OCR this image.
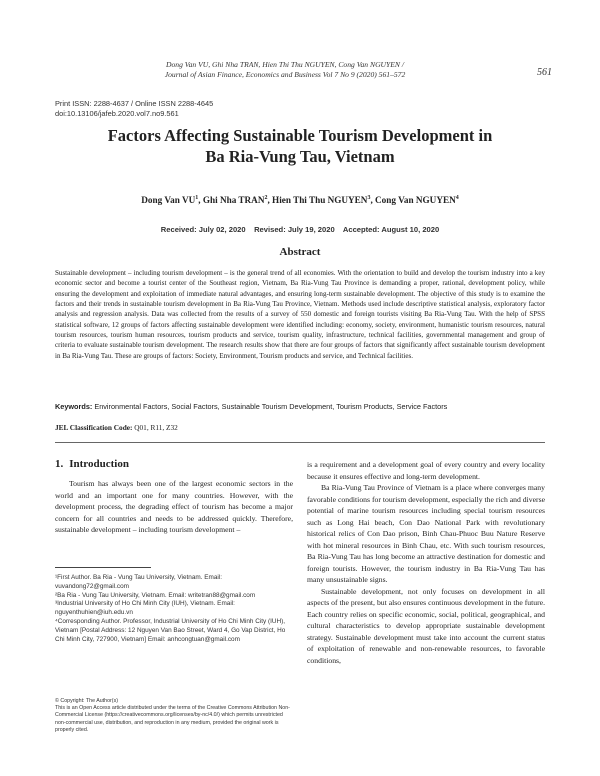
Dong Van VU, Ghi Nha TRAN, Hien Thi Thu NGUYEN, Cong Van NGUYEN /
Journal of Asian Finance, Economics and Business Vol 7 No 9 (2020) 561–572	561
Print ISSN: 2288-4637 / Online ISSN 2288-4645
doi:10.13106/jafeb.2020.vol7.no9.561
Factors Affecting Sustainable Tourism Development in
Ba Ria-Vung Tau, Vietnam
Dong Van $VU^1$, Ghi Nha TRAN$^2$, Hien Thi Thu NGUYEN$^3$, Cong Van NGUYEN$^4$
Received: July 02, 2020    Revised: July 19, 2020    Accepted: August 10, 2020
Abstract
Sustainable development – including tourism development – is the general trend of all economies. With the orientation to build and develop the tourism industry into a key economic sector and become a tourist center of the Southeast region, Vietnam, Ba Ria-Vung Tau Province is demanding a proper, rational, development policy, while ensuring the development and exploitation of immediate natural advantages, and ensuring long-term sustainable development. The objective of this study is to examine the factors and their trends in sustainable tourism development in Ba Ria-Vung Tau Province, Vietnam. Methods used include descriptive statistical analysis, exploratory factor analysis and regression analysis. Data was collected from the results of a survey of 550 domestic and foreign tourists visiting Ba Ria-Vung Tau. With the help of SPSS statistical software, 12 groups of factors affecting sustainable development were identified including: economy, society, environment, humanistic tourism resources, natural tourism resources, tourism human resources, tourism products and service, tourism quality, infrastructure, technical facilities, governmental management and group of criteria to evaluate sustainable tourism development. The research results show that there are four groups of factors that significantly affect sustainable tourism development in Ba Ria-Vung Tau. These are groups of factors: Society, Environment, Tourism products and service, and Technical facilities.
Keywords: Environmental Factors, Social Factors, Sustainable Tourism Development, Tourism Products, Service Factors
JEL Classification Code: Q01, R11, Z32
1. Introduction

Tourism has always been one of the largest economic sectors in the world and an important one for many countries. However, with the development process, the degrading effect of tourism has become a major concern for all countries and needs to be addressed quickly. Therefore, sustainable development – including tourism development –

¹First Author. Ba Ria - Vung Tau University, Vietnam. Email: vuvandong72@gmail.com
²Ba Ria - Vung Tau University, Vietnam. Email: writetran88@gmail.com
³Industrial University of Ho Chi Minh City (IUH), Vietnam. Email: nguyenthuhien@iuh.edu.vn
⁴Corresponding Author. Professor, Industrial University of Ho Chi Minh City (IUH), Vietnam [Postal Address: 12 Nguyen Van Bao Street, Ward 4, Go Vap District, Ho Chi Minh City, 727900, Vietnam] Email: anhcongtuan@gmail.com
© Copyright: The Author(s)
This is an Open Access article distributed under the terms of the Creative Commons Attribution Non-Commercial License (https://creativecommons.org/licenses/by-nc/4.0/) which permits unrestricted non-commercial use, distribution, and reproduction in any medium, provided the original work is properly cited.

is a requirement and a development goal of every country and every locality because it ensures effective and long-term development.

Ba Ria-Vung Tau Province of Vietnam is a place where converges many favorable conditions for tourism development, especially the rich and diverse potential of marine tourism resources including special tourism resources such as Long Hai beach, Con Dao National Park with revolutionary historical relics of Con Dao prison, Binh Chau-Phuoc Buu Nature Reserve with hot mineral resources in Binh Chau, etc. With such tourism resources, Ba Ria-Vung Tau has long become an attractive destination for domestic and foreign tourists. However, the tourism industry in Ba Ria-Vung Tau has many unsustainable signs.

Sustainable development, not only focuses on development in all aspects of the present, but also ensures continuous development in the future. Each country relies on specific economic, social, political, geographical, and cultural characteristics to develop appropriate sustainable development strategy. Sustainable development must take into account the current status of exploitation of renewable and non-renewable resources, to favorable conditions,
